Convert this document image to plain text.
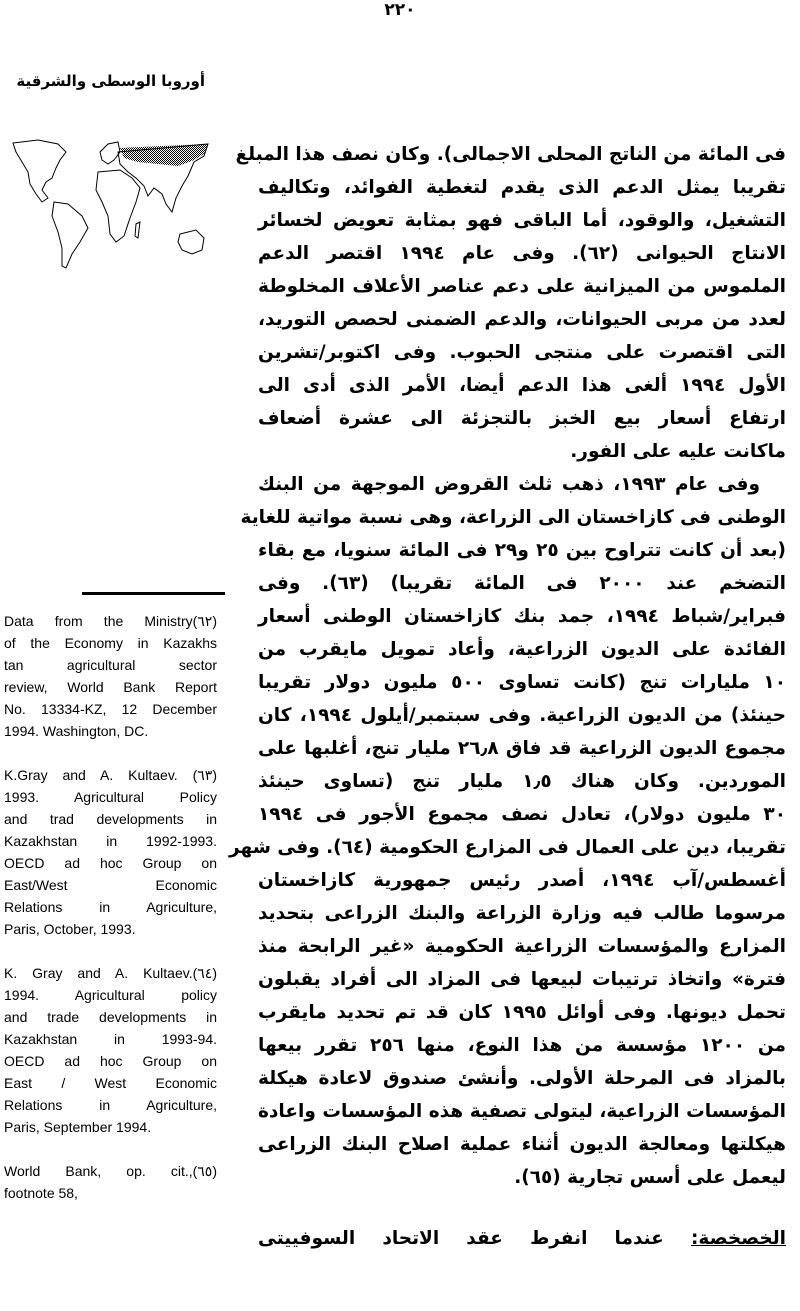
٢٢٠
أوروبا الوسطى والشرقية
فى المائة من الناتج المحلى الاجمالى). وكان نصف هذا المبلغ
تقريبا يمثل الدعم الذى يقدم لتغطية الفوائد، وتكاليف
التشغيل، والوقود، أما الباقى فهو بمثابة تعويض لخسائر
الانتاج الحيوانى (٦٢). وفى عام ١٩٩٤ اقتصر الدعم
الملموس من الميزانية على دعم عناصر الأعلاف المخلوطة
لعدد من مربى الحيوانات، والدعم الضمنى لحصص التوريد،
التى اقتصرت على منتجى الحبوب. وفى اكتوبر/تشرين
الأول ١٩٩٤ ألغى هذا الدعم أيضا، الأمر الذى أدى الى
ارتفاع أسعار بيع الخبز بالتجزئة الى عشرة أضعاف
ماكانت عليه على الفور.
وفى عام ١٩٩٣، ذهب ثلث القروض الموجهة من البنك
الوطنى فى كازاخستان الى الزراعة، وهى نسبة مواتية للغاية
(بعد أن كانت تتراوح بين ٢٥ و٢٩ فى المائة سنويا، مع بقاء
التضخم عند ٢٠٠٠ فى المائة تقريبا) (٦٣). وفى
فبراير/شباط ١٩٩٤، جمد بنك كازاخستان الوطنى أسعار
الفائدة على الديون الزراعية، وأعاد تمويل مايقرب من
١٠ مليارات تنج (كانت تساوى ٥٠٠ مليون دولار تقريبا
حينئذ) من الديون الزراعية. وفى سبتمبر/أيلول ١٩٩٤، كان
مجموع الديون الزراعية قد فاق ٢٦٫٨ مليار تنج، أغلبها على
الموردين. وكان هناك ١٫٥ مليار تنج (تساوى حينئذ
٣٠ مليون دولار)، تعادل نصف مجموع الأجور فى ١٩٩٤
تقريبا، دين على العمال فى المزارع الحكومية (٦٤). وفى شهر
أغسطس/آب ١٩٩٤، أصدر رئيس جمهورية كازاخستان
مرسوما طالب فيه وزارة الزراعة والبنك الزراعى بتحديد
المزارع والمؤسسات الزراعية الحكومية «غير الرابحة منذ
فترة» واتخاذ ترتيبات لبيعها فى المزاد الى أفراد يقبلون
تحمل ديونها. وفى أوائل ١٩٩٥ كان قد تم تحديد مايقرب
من ١٢٠٠ مؤسسة من هذا النوع، منها ٢٥٦ تقرر بيعها
بالمزاد فى المرحلة الأولى. وأنشئ صندوق لاعادة هيكلة
المؤسسات الزراعية، ليتولى تصفية هذه المؤسسات واعادة
هيكلتها ومعالجة الديون أثناء عملية اصلاح البنك الزراعى
ليعمل على أسس تجارية (٦٥).
الخصخصة: عندما انفرط عقد الاتحاد السوفييتى
Data from the Ministry(٦٢)
of the Economy in Kazakhs
tan agricultural sector
review, World Bank Report
No. 13334-KZ, 12 December
1994. Washington, DC.
K.Gray and A. Kultaev. (٦٣)
1993. Agricultural Policy
and trad developments in
Kazakhstan in 1992-1993.
OECD ad hoc Group on
East/West Economic
Relations in Agriculture,
Paris, October, 1993.
K. Gray and A. Kultaev.(٦٤)
1994. Agricultural policy
and trade developments in
Kazakhstan in 1993-94.
OECD ad hoc Group on
East / West Economic
Relations in Agriculture,
Paris, September 1994.
World Bank, op. cit.,(٦٥)
footnote 58,
